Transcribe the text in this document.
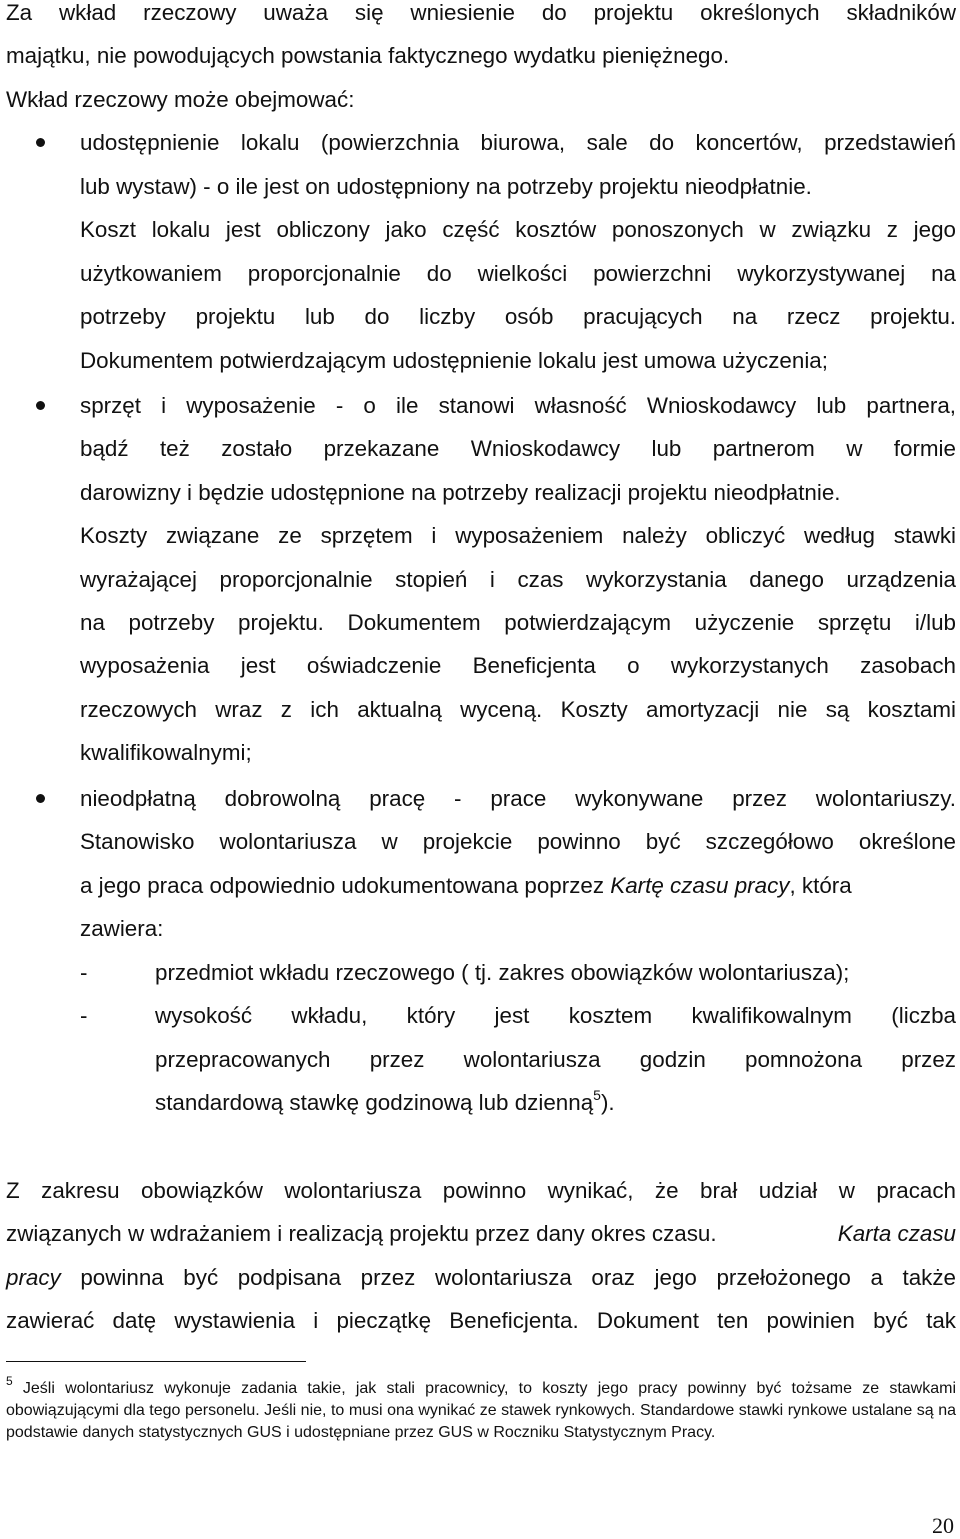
Za wkład rzeczowy uważa się wniesienie do projektu określonych składników
majątku, nie powodujących powstania faktycznego wydatku pieniężnego.
Wkład rzeczowy może obejmować:
udostępnienie lokalu (powierzchnia biurowa, sale do koncertów, przedstawień
lub wystaw) - o ile jest on udostępniony na potrzeby projektu nieodpłatnie.
Koszt lokalu jest obliczony jako część kosztów ponoszonych w związku z jego
użytkowaniem proporcjonalnie do wielkości powierzchni wykorzystywanej na
potrzeby projektu lub do liczby osób pracujących na rzecz projektu.
Dokumentem potwierdzającym udostępnienie lokalu jest umowa użyczenia;
sprzęt i wyposażenie - o ile stanowi własność Wnioskodawcy lub partnera,
bądź też zostało przekazane Wnioskodawcy lub partnerom w formie
darowizny i będzie udostępnione na potrzeby realizacji projektu nieodpłatnie.
Koszty związane ze sprzętem i wyposażeniem należy obliczyć według stawki
wyrażającej proporcjonalnie stopień i czas wykorzystania danego urządzenia
na potrzeby projektu. Dokumentem potwierdzającym użyczenie sprzętu i/lub
wyposażenia jest oświadczenie Beneficjenta o wykorzystanych zasobach
rzeczowych wraz z ich aktualną wyceną. Koszty amortyzacji nie są kosztami
kwalifikowalnymi;
nieodpłatną dobrowolną pracę - prace wykonywane przez wolontariuszy.
Stanowisko wolontariusza w projekcie powinno być szczegółowo określone
a jego praca odpowiednio udokumentowana poprzez Kartę czasu pracy , która
zawiera:
-	przedmiot wkładu rzeczowego ( tj. zakres obowiązków wolontariusza);
-	wysokość wkładu, który jest kosztem kwalifikowalnym (liczba
przepracowanych przez wolontariusza godzin pomnożona przez
standardową stawkę godzinową lub dzienną$^5$).
Z zakresu obowiązków wolontariusza powinno wynikać, że brał udział w pracach
związanych w wdrażaniem i realizacją projektu przez dany okres czasu.	Karta czasu
pracy powinna być podpisana przez wolontariusza oraz jego przełożonego a także
zawierać datę wystawienia i pieczątkę Beneficjenta. Dokument ten powinien być tak
$^5$ Jeśli wolontariusz wykonuje zadania takie, jak stali pracownicy, to koszty jego pracy powinny być tożsame ze stawkami obowiązującymi dla tego personelu. Jeśli nie, to musi ona wynikać ze stawek rynkowych. Standardowe stawki rynkowe ustalane są na podstawie danych statystycznych GUS i udostępniane przez GUS w Roczniku Statystycznym Pracy.
20
